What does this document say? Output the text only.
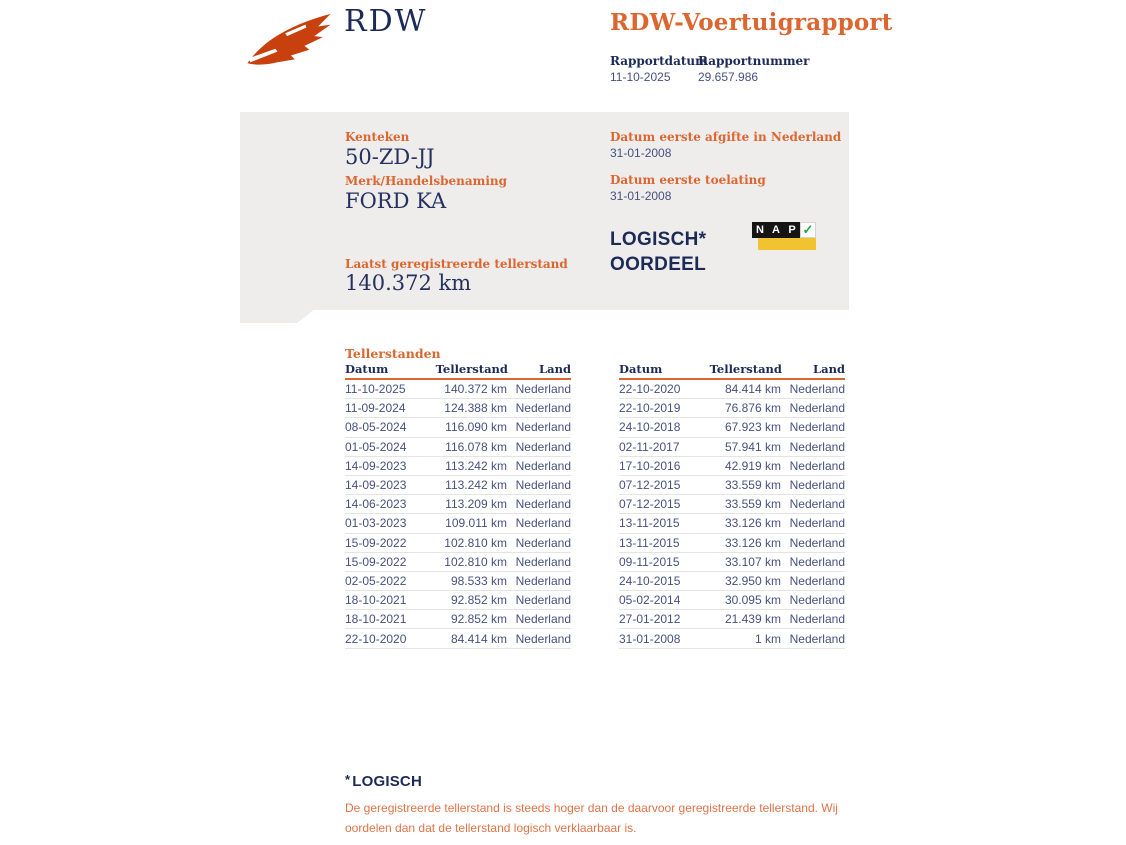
RDW	RDW-Voertuigrapport
Rapportdatum
Rapportnummer
11-10-2025 29.657.986
Kenteken
50-ZD-JJ
Merk/Handelsbenaming
FORD KA
Laatst geregistreerde tellerstand
140.372 km
Datum eerste afgifte in Nederland
31-01-2008
Datum eerste toelating
31-01-2008
LOGISCH*
OORDEEL
N A P ✓
Tellerstanden
Datum	Tellerstand	Land
11-10-2025	140.372 km Nederland
11-09-2024	124.388 km Nederland
08-05-2024	116.090 km Nederland
01-05-2024	116.078 km Nederland
14-09-2023	113.242 km Nederland
14-09-2023	113.242 km Nederland
14-06-2023	113.209 km Nederland
01-03-2023	109.011 km Nederland
15-09-2022	102.810 km Nederland
15-09-2022	102.810 km Nederland
02-05-2022	98.533 km Nederland
18-10-2021	92.852 km Nederland
18-10-2021	92.852 km Nederland
22-10-2020	84.414 km Nederland
Datum	Tellerstand	Land
22-10-2020	84.414 km Nederland
22-10-2019	76.876 km Nederland
24-10-2018	67.923 km Nederland
02-11-2017	57.941 km Nederland
17-10-2016	42.919 km Nederland
07-12-2015	33.559 km Nederland
07-12-2015	33.559 km Nederland
13-11-2015	33.126 km Nederland
13-11-2015	33.126 km Nederland
09-11-2015	33.107 km Nederland
24-10-2015	32.950 km Nederland
05-02-2014	30.095 km Nederland
27-01-2012	21.439 km Nederland
31-01-2008	1 km Nederland
* LOGISCH
De geregistreerde tellerstand is steeds hoger dan de daarvoor geregistreerde tellerstand. Wij oordelen dan dat de tellerstand logisch verklaarbaar is.
